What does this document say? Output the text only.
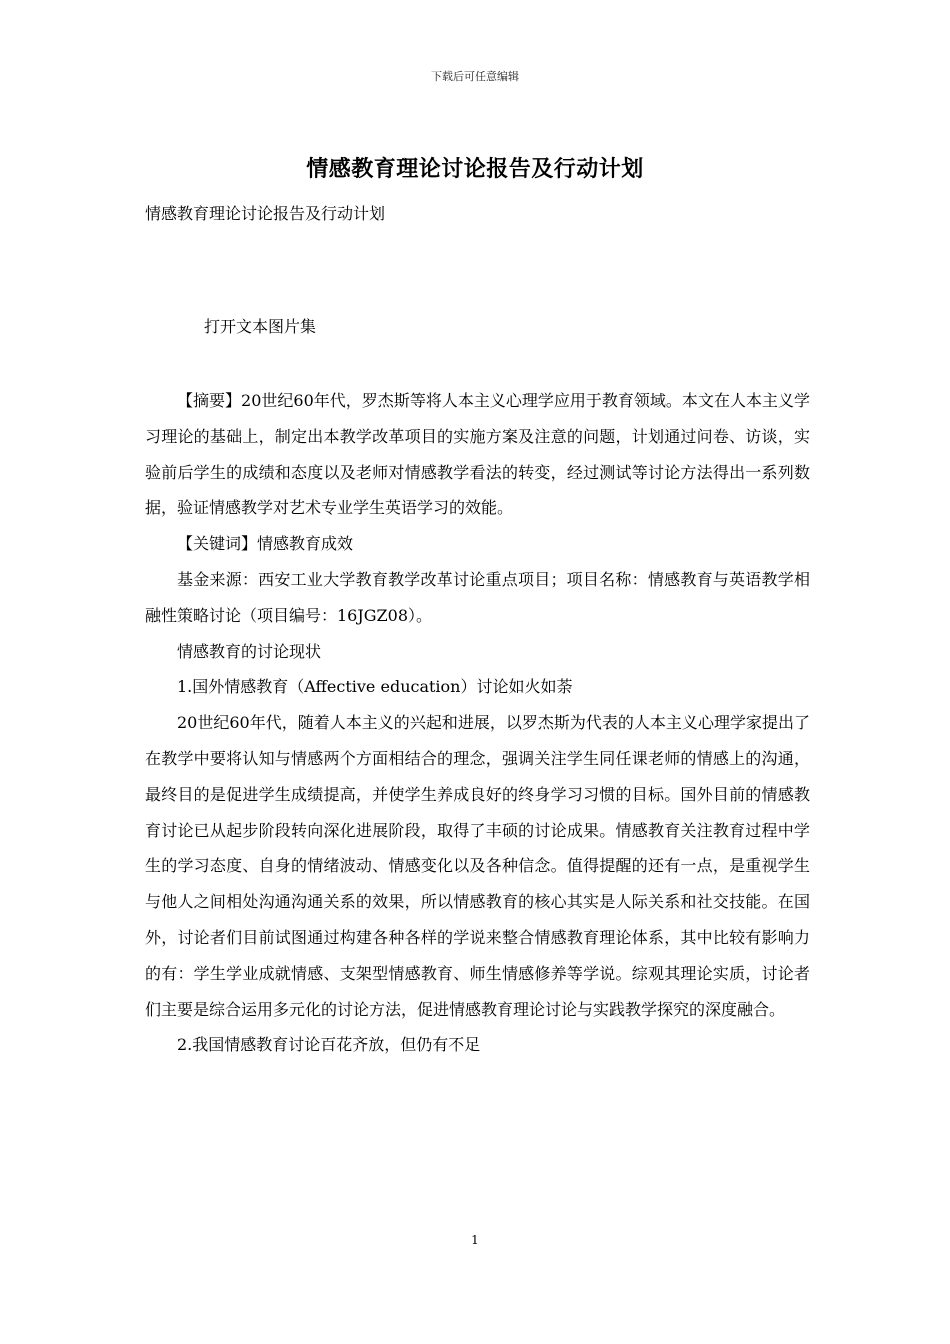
下载后可任意编辑
情感教育理论讨论报告及行动计划
情感教育理论讨论报告及行动计划
打开文本图片集

【摘要】20世纪60年代，罗杰斯等将人本主义心理学应用于教育领域。本文在人本主义学习理论的基础上，制定出本教学改革项目的实施方案及注意的问题，计划通过问卷、访谈，实验前后学生的成绩和态度以及老师对情感教学看法的转变，经过测试等讨论方法得出一系列数据，验证情感教学对艺术专业学生英语学习的效能。

【关键词】情感教育成效

基金来源：西安工业大学教育教学改革讨论重点项目；项目名称：情感教育与英语教学相融性策略讨论（项目编号：16JGZ08）。

情感教育的讨论现状

1.国外情感教育（Affective education）讨论如火如荼

20世纪60年代，随着人本主义的兴起和进展，以罗杰斯为代表的人本主义心理学家提出了在教学中要将认知与情感两个方面相结合的理念，强调关注学生同任课老师的情感上的沟通，最终目的是促进学生成绩提高，并使学生养成良好的终身学习习惯的目标。国外目前的情感教育讨论已从起步阶段转向深化进展阶段，取得了丰硕的讨论成果。情感教育关注教育过程中学生的学习态度、自身的情绪波动、情感变化以及各种信念。值得提醒的还有一点，是重视学生与他人之间相处沟通沟通关系的效果，所以情感教育的核心其实是人际关系和社交技能。在国外，讨论者们目前试图通过构建各种各样的学说来整合情感教育理论体系，其中比较有影响力的有：学生学业成就情感、支架型情感教育、师生情感修养等学说。综观其理论实质，讨论者们主要是综合运用多元化的讨论方法，促进情感教育理论讨论与实践教学探究的深度融合。

2.我国情感教育讨论百花齐放，但仍有不足

1
